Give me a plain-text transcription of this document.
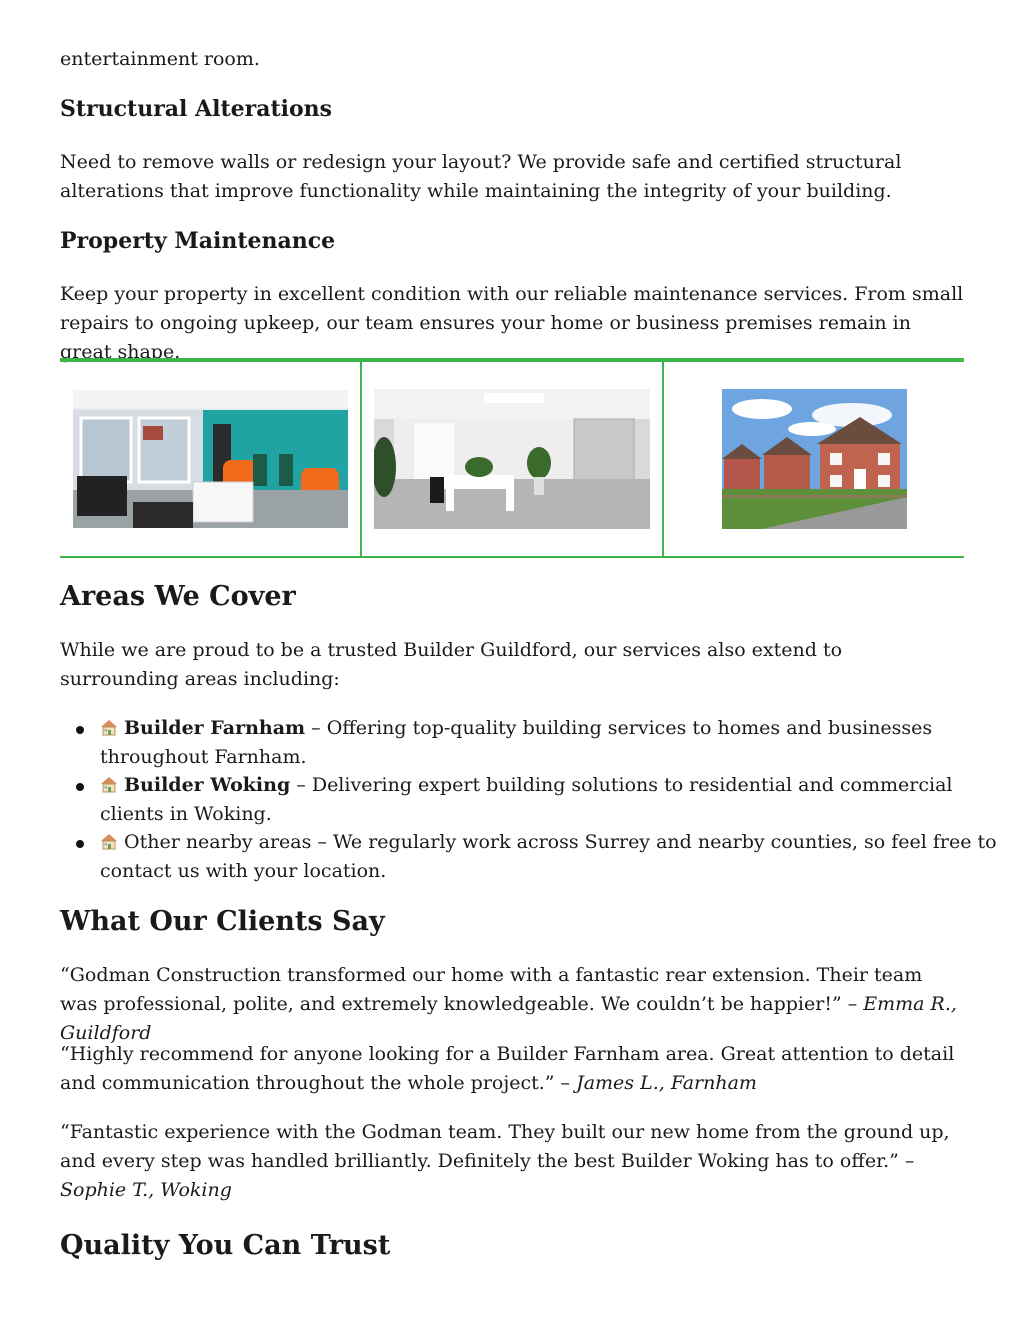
entertainment room.

Structural Alterations

Need to remove walls or redesign your layout? We provide safe and certified structural alterations that improve functionality while maintaining the integrity of your building.

Property Maintenance

Keep your property in excellent condition with our reliable maintenance services. From small repairs to ongoing upkeep, our team ensures your home or business premises remain in great shape.

Areas We Cover

While we are proud to be a trusted Builder Guildford, our services also extend to surrounding areas including:

Builder Farnham – Offering top-quality building services to homes and businesses throughout Farnham.
Builder Woking – Delivering expert building solutions to residential and commercial clients in Woking.
Other nearby areas – We regularly work across Surrey and nearby counties, so feel free to contact us with your location.
What Our Clients Say

“Godman Construction transformed our home with a fantastic rear extension. Their team was professional, polite, and extremely knowledgeable. We couldn’t be happier!” – Emma R., Guildford

“Highly recommend for anyone looking for a Builder Farnham area. Great attention to detail and communication throughout the whole project.” – James L., Farnham

“Fantastic experience with the Godman team. They built our new home from the ground up, and every step was handled brilliantly. Definitely the best Builder Woking has to offer.” – Sophie T., Woking

Quality You Can Trust
